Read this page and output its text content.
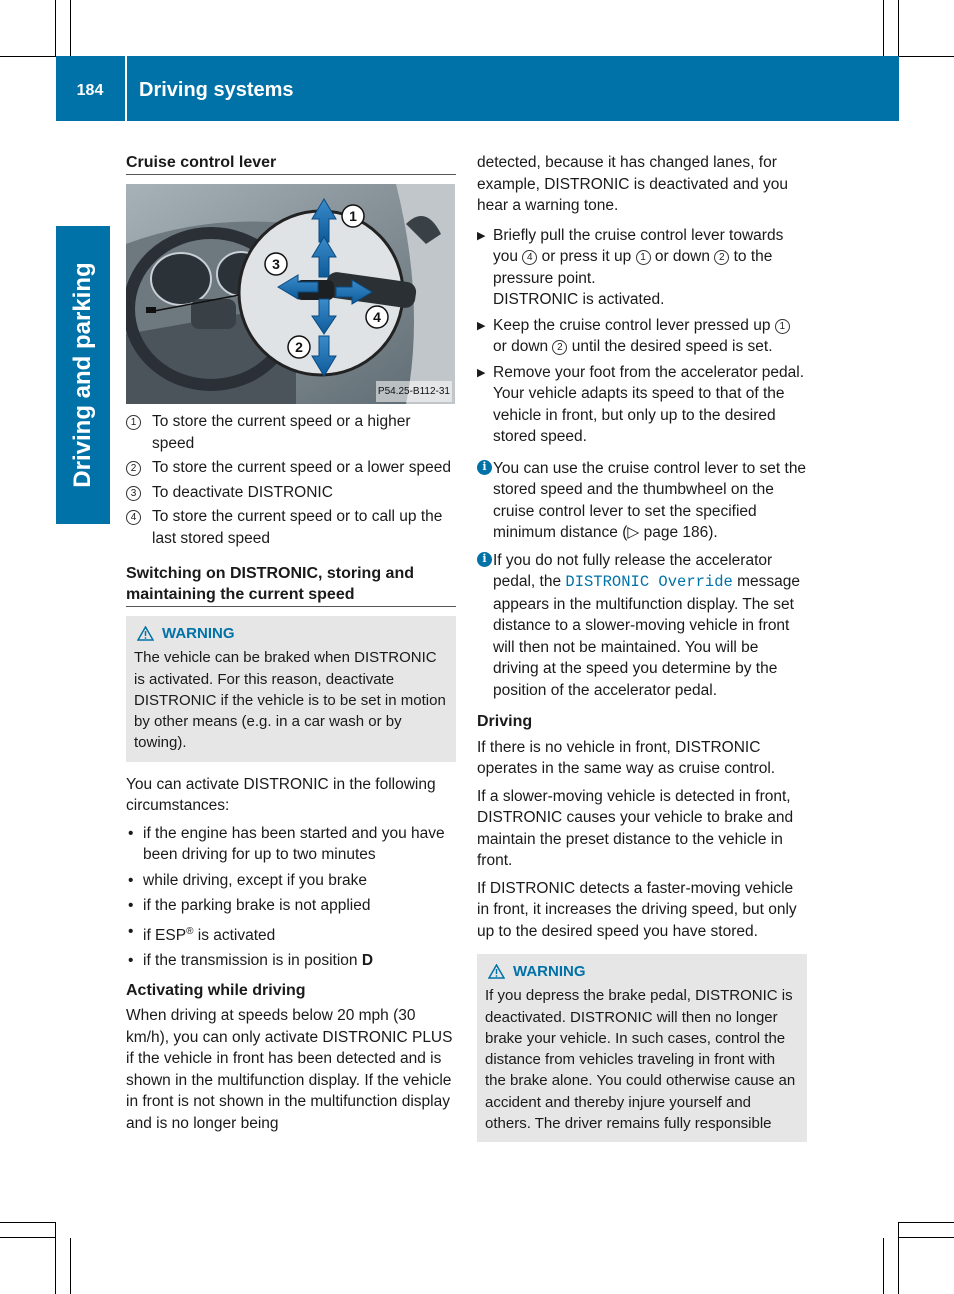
184	Driving systems
Driving and parking
Cruise control lever
1
2
3
4
P54.25-B112-31
1	To store the current speed or a higher speed
2	To store the current speed or a lower speed
3	To deactivate DISTRONIC
4	To store the current speed or to call up the last stored speed
Switching on DISTRONIC, storing and maintaining the current speed
WARNING
The vehicle can be braked when DISTRONIC is activated. For this reason, deactivate DISTRONIC if the vehicle is to be set in motion by other means (e.g. in a car wash or by towing).

You can activate DISTRONIC in the following circumstances:

• if the engine has been started and you have been driving for up to two minutes
• while driving, except if you brake
• if the parking brake is not applied
• if ESP® is activated
• if the transmission is in position D
Activating while driving

When driving at speeds below 20 mph (30 km/h), you can only activate DISTRONIC PLUS if the vehicle in front has been detected and is shown in the multifunction display. If the vehicle in front is not shown in the multifunction display and is no longer being

detected, because it has changed lanes, for example, DISTRONIC is deactivated and you hear a warning tone.

▶ Briefly pull the cruise control lever towards you 4 or press it up 1 or down 2 to the pressure point.
DISTRONIC is activated.
▶ Keep the cruise control lever pressed up 1 or down 2 until the desired speed is set.
▶ Remove your foot from the accelerator pedal.
Your vehicle adapts its speed to that of the vehicle in front, but only up to the desired stored speed.
i You can use the cruise control lever to set the stored speed and the thumbwheel on the cruise control lever to set the specified minimum distance (▷ page 186).
i If you do not fully release the accelerator pedal, the DISTRONIC Override message appears in the multifunction display. The set distance to a slower-moving vehicle in front will then not be maintained. You will be driving at the speed you determine by the position of the accelerator pedal.
Driving

If there is no vehicle in front, DISTRONIC operates in the same way as cruise control.

If a slower-moving vehicle is detected in front, DISTRONIC causes your vehicle to brake and maintain the preset distance to the vehicle in front.

If DISTRONIC detects a faster-moving vehicle in front, it increases the driving speed, but only up to the desired speed you have stored.

WARNING
If you depress the brake pedal, DISTRONIC is deactivated. DISTRONIC will then no longer brake your vehicle. In such cases, control the distance from vehicles traveling in front with the brake alone. You could otherwise cause an accident and thereby injure yourself and others. The driver remains fully responsible
